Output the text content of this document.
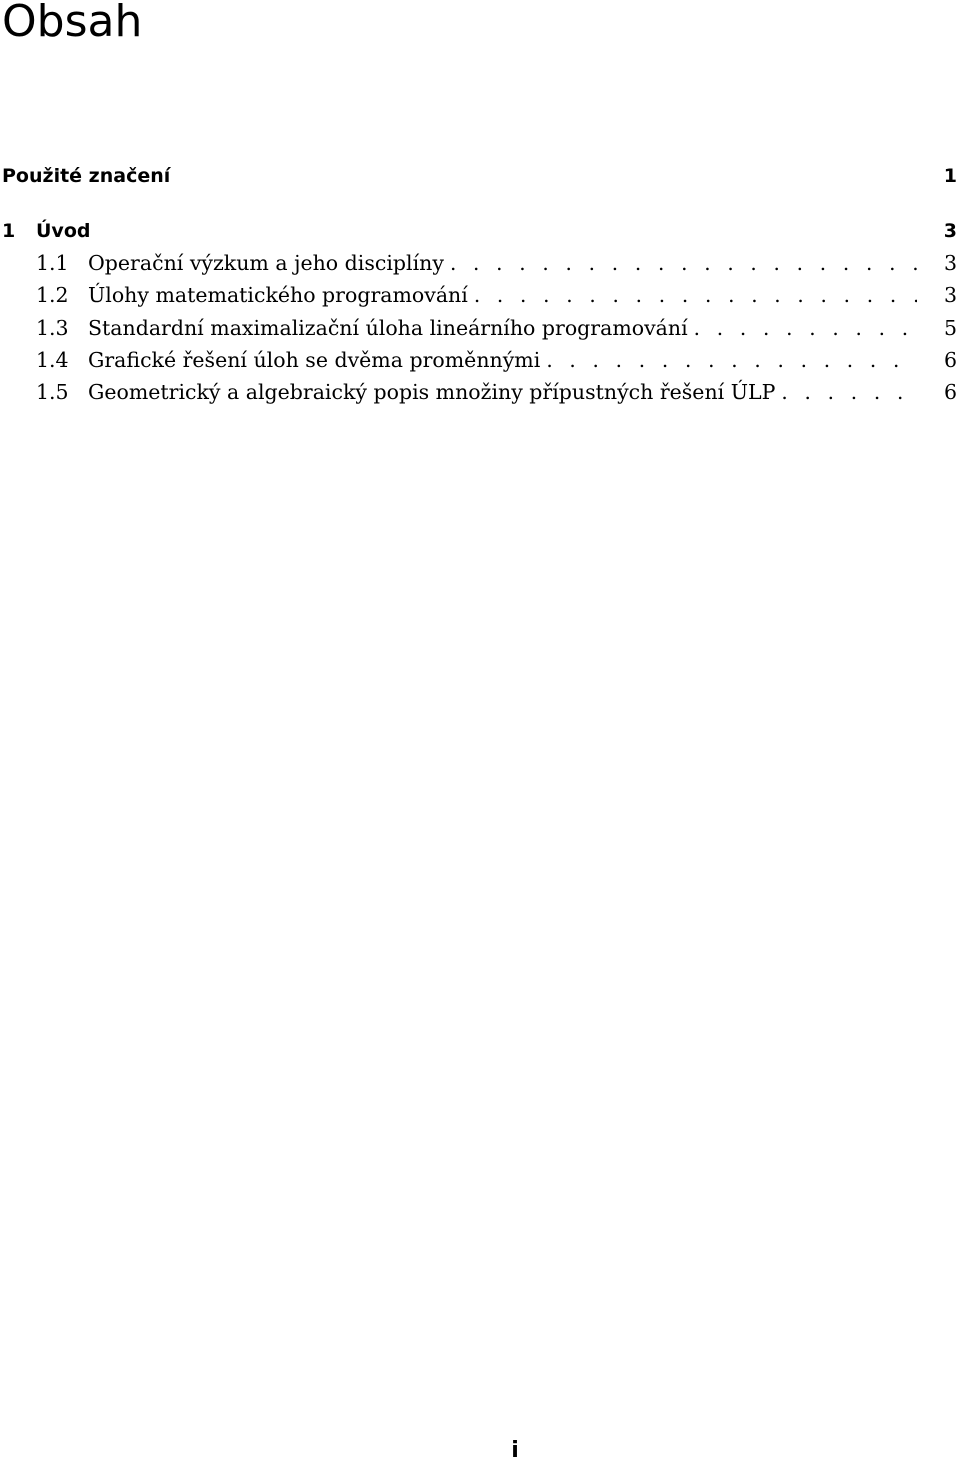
Obsah
Použité značení	1
1	Úvod	3
1.1 Operační výzkum a jeho disciplíny . . .	3
1.2 Úlohy matematického programování . . .	3
1.3 Standardní maximalizační úloha lineárního programování . . .	5
1.4 Grafické řešení úloh se dvěma proměnnými . . .	6
1.5 Geometrický a algebraický popis množiny přípustných řešení ÚLP . . .	6
i
